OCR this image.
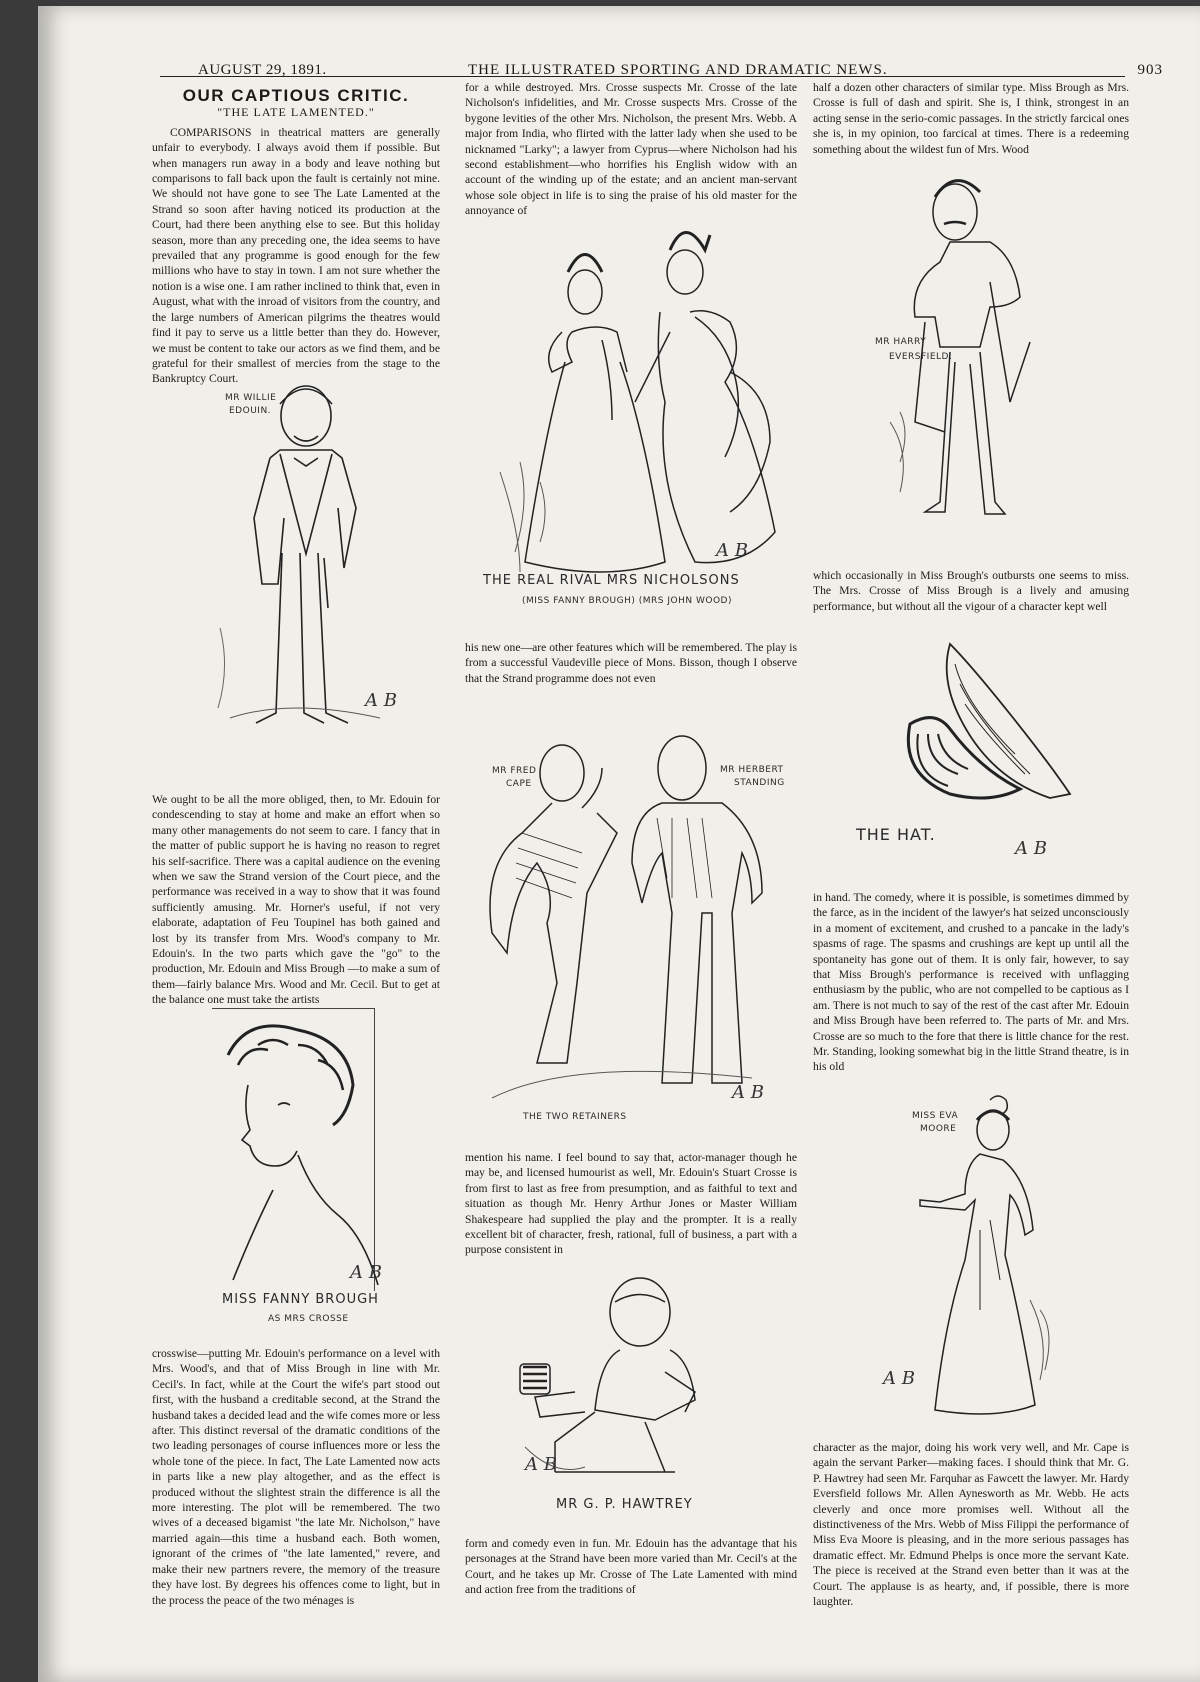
AUGUST 29, 1891.	THE ILLUSTRATED SPORTING AND DRAMATIC NEWS.	903
OUR CAPTIOUS CRITIC.
"THE LATE LAMENTED."

COMPARISONS in theatrical matters are generally unfair to everybody. I always avoid them if possible. But when managers run away in a body and leave nothing but comparisons to fall back upon the fault is certainly not mine. We should not have gone to see The Late Lamented at the Strand so soon after having noticed its production at the Court, had there been anything else to see. But this holiday season, more than any preceding one, the idea seems to have prevailed that any programme is good enough for the few millions who have to stay in town. I am not sure whether the notion is a wise one. I am rather inclined to think that, even in August, what with the inroad of visitors from the country, and the large numbers of American pilgrims the theatres would find it pay to serve us a little better than they do. However, we must be content to take our actors as we find them, and be grateful for their smallest of mercies from the stage to the Bankruptcy Court.

MR WILLIE
EDOUIN.
A B

We ought to be all the more obliged, then, to Mr. Edouin for condescending to stay at home and make an effort when so many other managements do not seem to care. I fancy that in the matter of public support he is having no reason to regret his self-sacrifice. There was a capital audience on the evening when we saw the Strand version of the Court piece, and the performance was received in a way to show that it was found sufficiently amusing. Mr. Horner's useful, if not very elaborate, adaptation of Feu Toupinel has both gained and lost by its transfer from Mrs. Wood's company to Mr. Edouin's. In the two parts which gave the "go" to the production, Mr. Edouin and Miss Brough —to make a sum of them—fairly balance Mrs. Wood and Mr. Cecil. But to get at the balance one must take the artists

A B
MISS FANNY BROUGH
AS MRS CROSSE

crosswise—putting Mr. Edouin's performance on a level with Mrs. Wood's, and that of Miss Brough in line with Mr. Cecil's. In fact, while at the Court the wife's part stood out first, with the husband a creditable second, at the Strand the husband takes a decided lead and the wife comes more or less after. This distinct reversal of the dramatic conditions of the two leading personages of course influences more or less the whole tone of the piece. In fact, The Late Lamented now acts in parts like a new play altogether, and as the effect is produced without the slightest strain the difference is all the more interesting. The plot will be remembered. The two wives of a deceased bigamist "the late Mr. Nicholson," have married again—this time a husband each. Both women, ignorant of the crimes of "the late lamented," revere, and make their new partners revere, the memory of the treasure they have lost. By degrees his offences come to light, but in the process the peace of the two ménages is

for a while destroyed. Mrs. Crosse suspects Mr. Crosse of the late Nicholson's infidelities, and Mr. Crosse suspects Mrs. Crosse of the bygone levities of the other Mrs. Nicholson, the present Mrs. Webb. A major from India, who flirted with the latter lady when she used to be nicknamed "Larky"; a lawyer from Cyprus—where Nicholson had his second establishment—who horrifies his English widow with an account of the winding up of the estate; and an ancient man-servant whose sole object in life is to sing the praise of his old master for the annoyance of

A B
THE REAL RIVAL MRS NICHOLSONS
(MISS FANNY BROUGH) (MRS JOHN WOOD)

his new one—are other features which will be remembered. The play is from a successful Vaudeville piece of Mons. Bisson, though I observe that the Strand programme does not even

MR FRED
CAPE
MR HERBERT
STANDING
A B
THE TWO RETAINERS

mention his name. I feel bound to say that, actor-manager though he may be, and licensed humourist as well, Mr. Edouin's Stuart Crosse is from first to last as free from presumption, and as faithful to text and situation as though Mr. Henry Arthur Jones or Master William Shakespeare had supplied the play and the prompter. It is a really excellent bit of character, fresh, rational, full of business, a part with a purpose consistent in

A B
MR G. P. HAWTREY

form and comedy even in fun. Mr. Edouin has the advantage that his personages at the Strand have been more varied than Mr. Cecil's at the Court, and he takes up Mr. Crosse of The Late Lamented with mind and action free from the traditions of

half a dozen other characters of similar type. Miss Brough as Mrs. Crosse is full of dash and spirit. She is, I think, strongest in an acting sense in the serio-comic passages. In the strictly farcical ones she is, in my opinion, too farcical at times. There is a redeeming something about the wildest fun of Mrs. Wood

MR HARRY
EVERSFIELD.

which occasionally in Miss Brough's outbursts one seems to miss. The Mrs. Crosse of Miss Brough is a lively and amusing performance, but without all the vigour of a character kept well

THE HAT.
A B

in hand. The comedy, where it is possible, is sometimes dimmed by the farce, as in the incident of the lawyer's hat seized unconsciously in a moment of excitement, and crushed to a pancake in the lady's spasms of rage. The spasms and crushings are kept up until all the spontaneity has gone out of them. It is only fair, however, to say that Miss Brough's performance is received with unflagging enthusiasm by the public, who are not compelled to be captious as I am. There is not much to say of the rest of the cast after Mr. Edouin and Miss Brough have been referred to. The parts of Mr. and Mrs. Crosse are so much to the fore that there is little chance for the rest. Mr. Standing, looking somewhat big in the little Strand theatre, is in his old

MISS EVA
MOORE
A B

character as the major, doing his work very well, and Mr. Cape is again the servant Parker—making faces. I should think that Mr. G. P. Hawtrey had seen Mr. Farquhar as Fawcett the lawyer. Mr. Hardy Eversfield follows Mr. Allen Aynesworth as Mr. Webb. He acts cleverly and once more promises well. Without all the distinctiveness of the Mrs. Webb of Miss Filippi the performance of Miss Eva Moore is pleasing, and in the more serious passages has dramatic effect. Mr. Edmund Phelps is once more the servant Kate. The piece is received at the Strand even better than it was at the Court. The applause is as hearty, and, if possible, there is more laughter.
